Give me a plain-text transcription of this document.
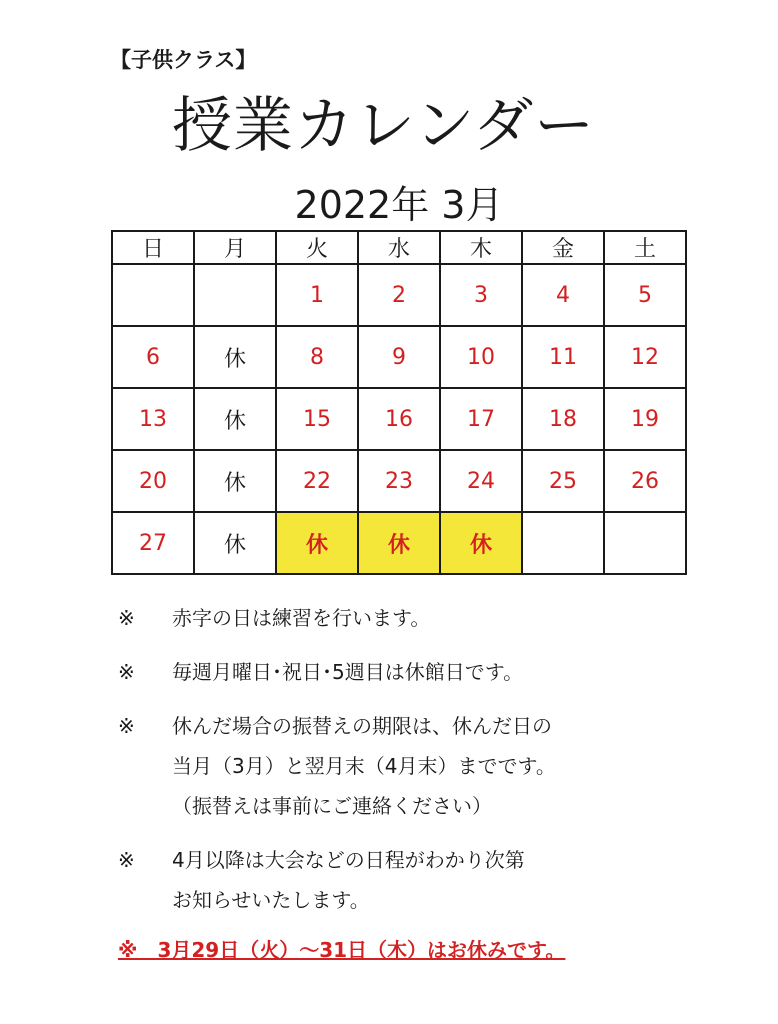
【子供クラス】
授業カレンダー
2022年 3月
日	月	火	水	木	金	土
		1	2	3	4	5
6	休	8	9	10	11	12
13	休	15	16	17	18	19
20	休	22	23	24	25	26
27	休	休	休	休		
※	赤字の日は練習を行います。
※	毎週月曜日･祝日･5週目は休館日です。
※	休んだ場合の振替えの期限は、休んだ日の
当月（3月）と翌月末（4月末）までです。
（振替えは事前にご連絡ください）
※	4月以降は大会などの日程がわかり次第
お知らせいたします。
※　3月29日（火）～31日（木）はお休みです。
